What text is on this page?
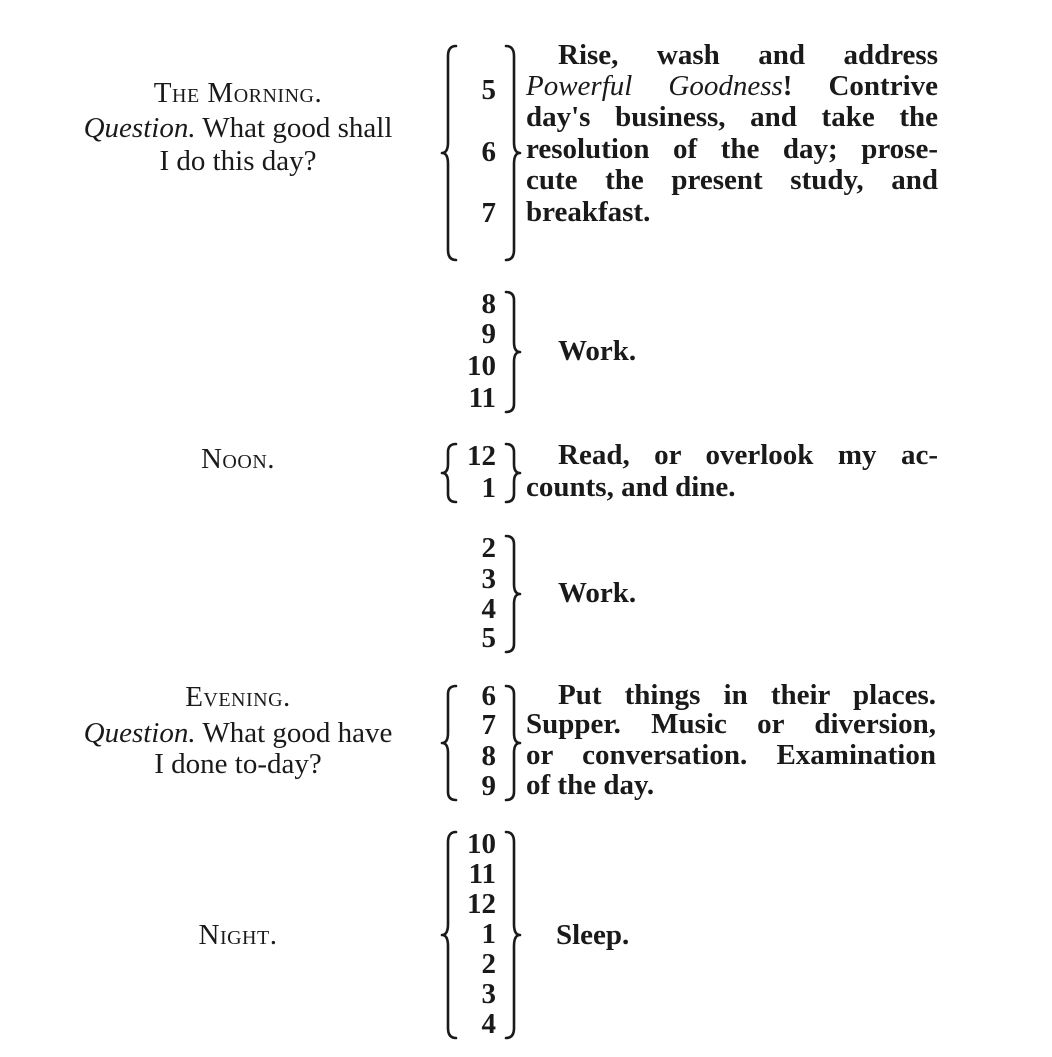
The Morning.
Question. What good shall
I do this day?
5
6
7
Rise, wash and address
Powerful Goodness! Contrive
day's business, and take the
resolution of the day; prose-
cute the present study, and
breakfast.
8
9
10
11
Work.
Noon.	12
1
Read, or overlook my ac-
counts, and dine.
2
3
4
5
Work.
Evening.
Question. What good have
I done to-day?
6
7
8
9
Put things in their places.
Supper. Music or diversion,
or conversation. Examination
of the day.
Night.
10
11
12
1
2
3
4
Sleep.
